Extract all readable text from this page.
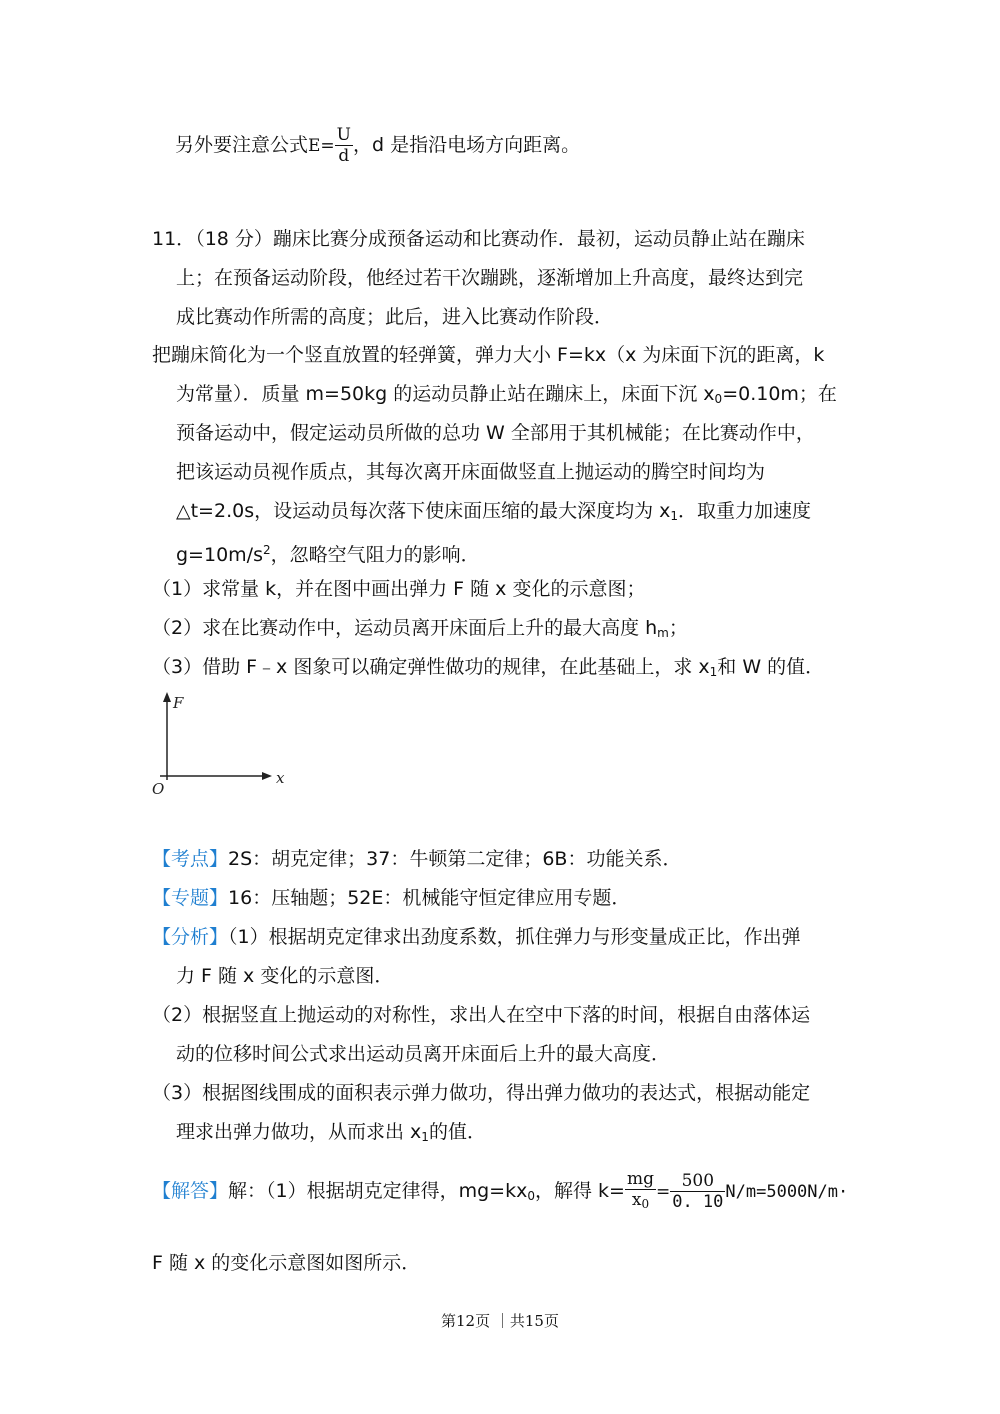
另外要注意公式$E= \frac{U}{d}$ ，d 是指沿电场方向距离。
11．（18 分）蹦床比赛分成预备运动和比赛动作．最初，运动员静止站在蹦床
上；在预备运动阶段，他经过若干次蹦跳，逐渐增加上升高度，最终达到完
成比赛动作所需的高度；此后，进入比赛动作阶段．
把蹦床简化为一个竖直放置的轻弹簧，弹力大小 F=kx（x 为床面下沉的距离，k
为常量）．质量 m=50kg 的运动员静止站在蹦床上，床面下沉 $x_0=0.10m$；在
预备运动中，假定运动员所做的总功 W 全部用于其机械能；在比赛动作中，
把该运动员视作质点，其每次离开床面做竖直上抛运动的腾空时间均为
△t=2.0s，设运动员每次落下使床面压缩的最大深度均为 $x_1$．取重力加速度
$g=10m/s^2$，忽略空气阻力的影响．
（1）求常量 k，并在图中画出弹力 F 随 x 变化的示意图；
（2）求在比赛动作中，运动员离开床面后上升的最大高度 $h_m$；
（3）借助 F﹣x 图象可以确定弹性做功的规律，在此基础上，求 $x_1$和 W 的值．
F
x
O
【考点】2S：胡克定律；37：牛顿第二定律；6B：功能关系．
【专题】16：压轴题；52E：机械能守恒定律应用专题．
【分析】（1）根据胡克定律求出劲度系数，抓住弹力与形变量成正比，作出弹
力 F 随 x 变化的示意图．
（2）根据竖直上抛运动的对称性，求出人在空中下落的时间，根据自由落体运
动的位移时间公式求出运动员离开床面后上升的最大高度．
（3）根据图线围成的面积表示弹力做功，得出弹力做功的表达式，根据动能定
理求出弹力做功，从而求出 $x_1$的值．
【解答】解：（1）根据胡克定律得，$mg=kx_0$，解得 $k= \frac{mg}{x_0} = \frac{500}{0. 10} N/m=5000N/m\cdot$
F 随 x 的变化示意图如图所示．
第12页 ｜共15页
